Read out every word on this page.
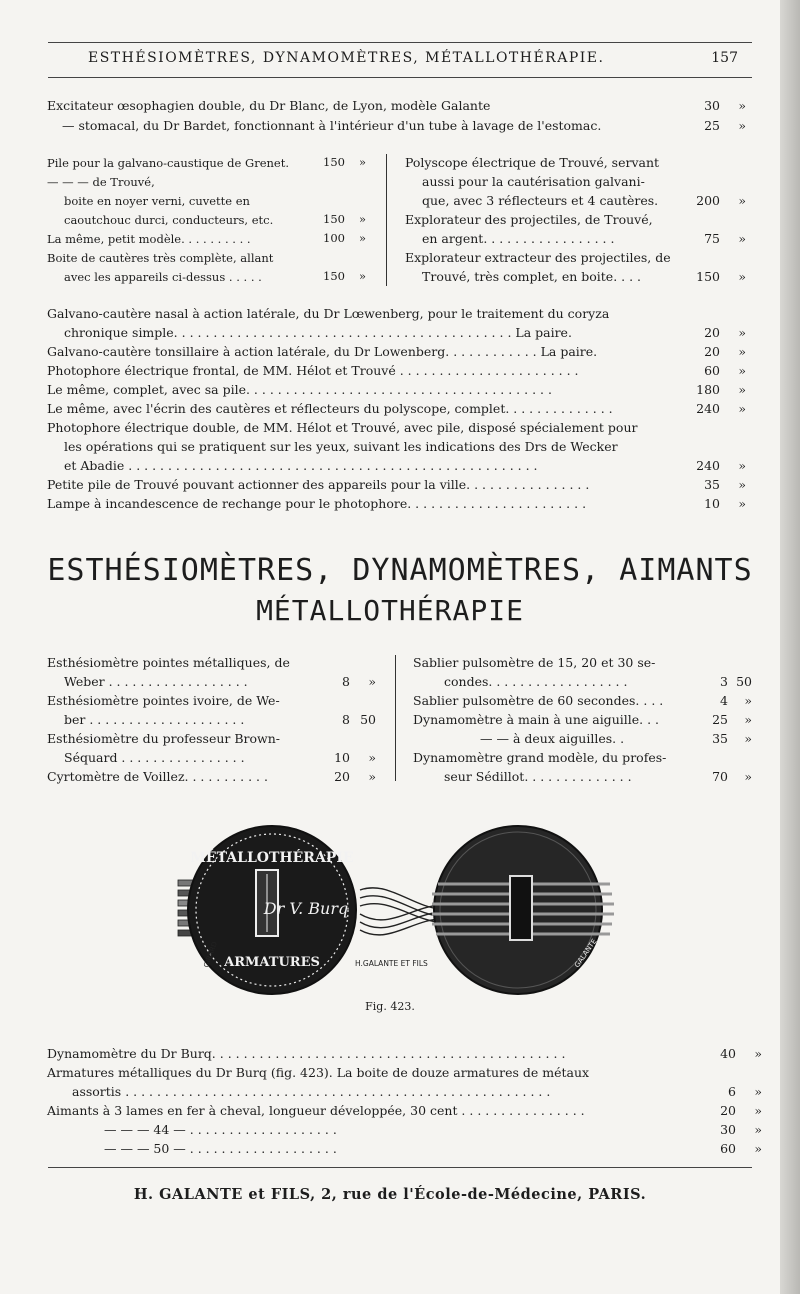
ESTHÉSIOMÈTRES, DYNAMOMÈTRES, MÉTALLOTHÉRAPIE.	157
Excitateur œsophagien double, du Dr Blanc, de Lyon, modèle Galante	30	»
— stomacal, du Dr Bardet, fonctionnant à l'intérieur d'un tube à lavage de l'estomac.	25	»
Pile pour la galvano-caustique de Grenet.	150	»
— — — de Trouvé,
boite en noyer verni, cuvette en
caoutchouc durci, conducteurs, etc.	150	»
La même, petit modèle. . . . . . . . . .	100	»
Boite de cautères très complète, allant
avec les appareils ci-dessus . . . . .	150	»
Polyscope électrique de Trouvé, servant
aussi pour la cautérisation galvani-
que, avec 3 réflecteurs et 4 cautères.	200	»
Explorateur des projectiles, de Trouvé,
en argent. . . . . . . . . . . . . . . . .	75	»
Explorateur extracteur des projectiles, de
Trouvé, très complet, en boite. . . .	150	»
Galvano-cautère nasal à action latérale, du Dr Lœwenberg, pour le traitement du coryza
chronique simple. . . . . . . . . . . . . . . . . . . . . . . . . . . . . . . . . . . . . . . . . . . La paire.	20	»
Galvano-cautère tonsillaire à action latérale, du Dr Lowenberg. . . . . . . . . . . . La paire.	20	»
Photophore électrique frontal, de MM. Hélot et Trouvé . . . . . . . . . . . . . . . . . . . . . . .	60	»
Le même, complet, avec sa pile. . . . . . . . . . . . . . . . . . . . . . . . . . . . . . . . . . . . . . .	180	»
Le même, avec l'écrin des cautères et réflecteurs du polyscope, complet. . . . . . . . . . . . . .	240	»
Photophore électrique double, de MM. Hélot et Trouvé, avec pile, disposé spécialement pour
les opérations qui se pratiquent sur les yeux, suivant les indications des Drs de Wecker
et Abadie . . . . . . . . . . . . . . . . . . . . . . . . . . . . . . . . . . . . . . . . . . . . . . . . . . . .	240	»
Petite pile de Trouvé pouvant actionner des appareils pour la ville. . . . . . . . . . . . . . . .	35	»
Lampe à incandescence de rechange pour le photophore. . . . . . . . . . . . . . . . . . . . . . .	10	»
ESTHÉSIOMÈTRES, DYNAMOMÈTRES, AIMANTS
MÉTALLOTHÉRAPIE
Esthésiomètre pointes métalliques, de
Weber . . . . . . . . . . . . . . . . . .	8	»
Esthésiomètre pointes ivoire, de We-
ber . . . . . . . . . . . . . . . . . . . .	8 50
Esthésiomètre du professeur Brown-
Séquard . . . . . . . . . . . . . . . .	10	»
Cyrtomètre de Voillez. . . . . . . . . . .	20	»
Sablier pulsomètre de 15, 20 et 30 se-
condes. . . . . . . . . . . . . . . . . .	3 50
Sablier pulsomètre de 60 secondes. . . .	4	»
Dynamomètre à main à une aiguille. . .	25	»
— — à deux aiguilles. .	35	»
Dynamomètre grand modèle, du profes-
seur Sédillot. . . . . . . . . . . . . .	70	»
MÉTALLOTHÉRAPIE
ARMATURES
Dr V. Burq
GIRARD	H.GALANTE ET FILS	GALANTE
Fig. 423.
Dynamomètre du Dr Burq. . . . . . . . . . . . . . . . . . . . . . . . . . . . . . . . . . . . . . . . . . . . .	40	»
Armatures métalliques du Dr Burq (fig. 423). La boite de douze armatures de métaux
assortis . . . . . . . . . . . . . . . . . . . . . . . . . . . . . . . . . . . . . . . . . . . . . . . . . . . . . .	6	»
Aimants à 3 lames en fer à cheval, longueur développée, 30 cent . . . . . . . . . . . . . . . .	20	»
— — — 44 — . . . . . . . . . . . . . . . . . . .	30	»
— — — 50 — . . . . . . . . . . . . . . . . . . .	60	»
H. GALANTE et FILS, 2, rue de l'École-de-Médecine, PARIS.
